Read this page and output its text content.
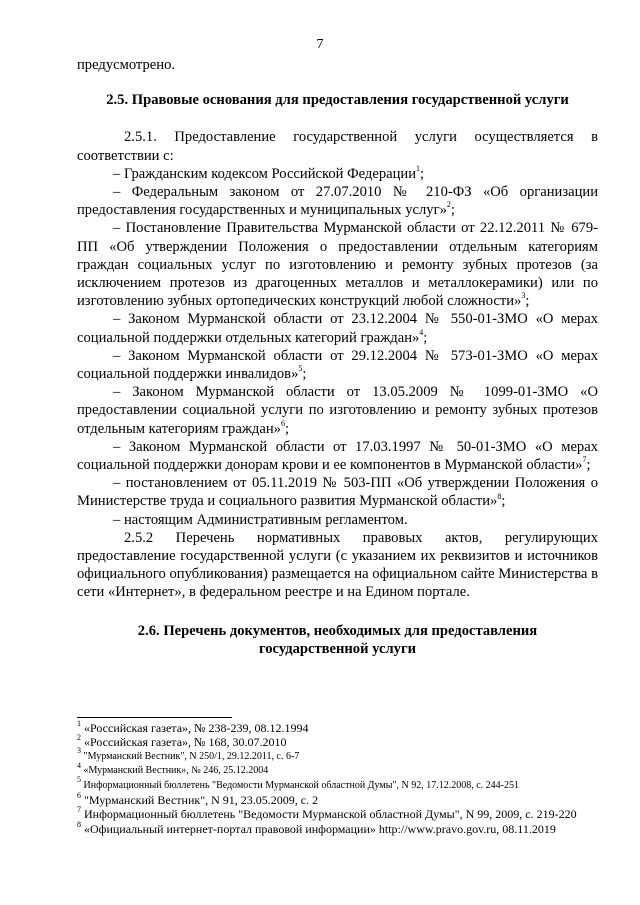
7

предусмотрено.

2.5. Правовые основания для предоставления государственной услуги

2.5.1. Предоставление государственной услуги осуществляется в соответствии с:

– Гражданским кодексом Российской Федерации$^1$;

– Федеральным законом от 27.07.2010 № 210-ФЗ «Об организации предоставления государственных и муниципальных услуг»$^2$;

– Постановление Правительства Мурманской области от 22.12.2011 № 679-ПП «Об утверждении Положения о предоставлении отдельным категориям граждан социальных услуг по изготовлению и ремонту зубных протезов (за исключением протезов из драгоценных металлов и металлокерамики) или по изготовлению зубных ортопедических конструкций любой сложности»$^3$;

– Законом Мурманской области от 23.12.2004 № 550-01-ЗМО «О мерах социальной поддержки отдельных категорий граждан»$^4$;

– Законом Мурманской области от 29.12.2004 № 573-01-ЗМО «О мерах социальной поддержки инвалидов»$^5$;

– Законом Мурманской области от 13.05.2009 № 1099-01-ЗМО «О предоставлении социальной услуги по изготовлению и ремонту зубных протезов отдельным категориям граждан»$^6$;

– Законом Мурманской области от 17.03.1997 № 50-01-ЗМО «О мерах социальной поддержки донорам крови и ее компонентов в Мурманской области»$^7$;

– постановлением от 05.11.2019 № 503-ПП «Об утверждении Положения о Министерстве труда и социального развития Мурманской области»$^8$;

– настоящим Административным регламентом.

2.5.2 Перечень нормативных правовых актов, регулирующих предоставление государственной услуги (с указанием их реквизитов и источников официального опубликования) размещается на официальном сайте Министерства в сети «Интернет», в федеральном реестре и на Едином портале.

2.6. Перечень документов, необходимых для предоставления

государственной услуги

$^1$ «Российская газета», № 238-239, 08.12.1994

$^2$ «Российская газета», № 168, 30.07.2010

$^3$ "Мурманский Вестник", N 250/1, 29.12.2011, с. 6-7

$^4$ «Мурманский Вестник», № 246, 25.12.2004

$^5$ Информационный бюллетень "Ведомости Мурманской областной Думы", N 92, 17.12.2008, с. 244-251

$^6$ "Мурманский Вестник", N 91, 23.05.2009, с. 2

$^7$ Информационный бюллетень "Ведомости Мурманской областной Думы", N 99, 2009, с. 219-220

$^8$ «Официальный интернет-портал правовой информации» http://www.pravo.gov.ru, 08.11.2019
